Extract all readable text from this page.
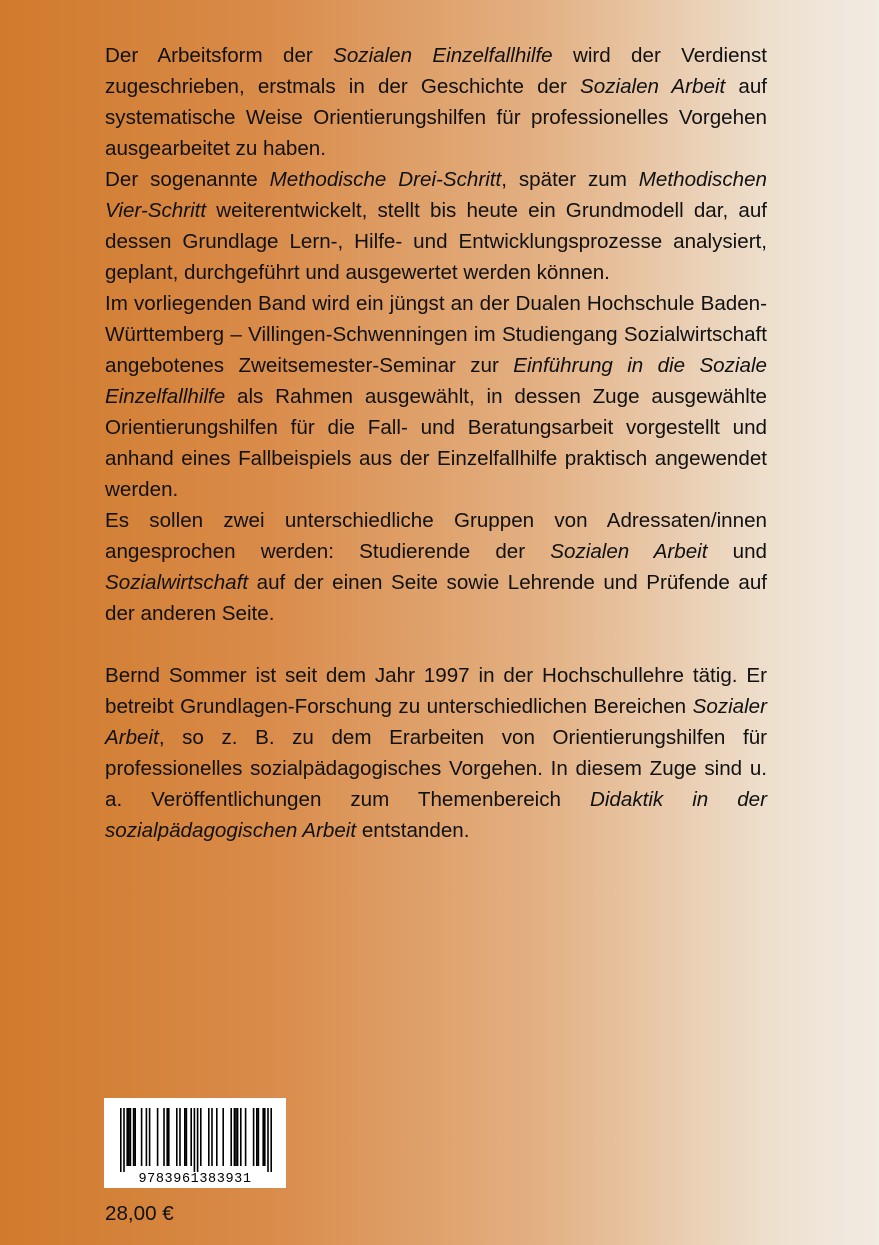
Der Arbeitsform der Sozialen Einzelfallhilfe wird der Verdienst zugeschrieben, erstmals in der Geschichte der Sozialen Arbeit auf systematische Weise Orientierungshilfen für professionelles Vorgehen ausgearbeitet zu haben.

Der sogenannte Methodische Drei-Schritt, später zum Methodischen Vier-Schritt weiterentwickelt, stellt bis heute ein Grundmodell dar, auf dessen Grundlage Lern-, Hilfe- und Entwicklungsprozesse analysiert, geplant, durchgeführt und ausgewertet werden können.

Im vorliegenden Band wird ein jüngst an der Dualen Hochschule Baden-Württemberg – Villingen-Schwenningen im Studiengang Sozialwirtschaft angebotenes Zweitsemester-Seminar zur Einführung in die Soziale Einzelfallhilfe als Rahmen ausgewählt, in dessen Zuge ausgewählte Orientierungshilfen für die Fall- und Beratungsarbeit vorgestellt und anhand eines Fallbeispiels aus der Einzelfallhilfe praktisch angewendet werden.

Es sollen zwei unterschiedliche Gruppen von Adressaten/innen angesprochen werden: Studierende der Sozialen Arbeit und Sozialwirtschaft auf der einen Seite sowie Lehrende und Prüfende auf der anderen Seite.

Bernd Sommer ist seit dem Jahr 1997 in der Hochschullehre tätig. Er betreibt Grundlagen-Forschung zu unterschiedlichen Bereichen Sozialer Arbeit, so z. B. zu dem Erarbeiten von Orientierungshilfen für professionelles sozialpädagogisches Vorgehen. In diesem Zuge sind u. a. Veröffentlichungen zum Themenbereich Didaktik in der sozialpädagogischen Arbeit entstanden.

9783961383931
28,00 €
